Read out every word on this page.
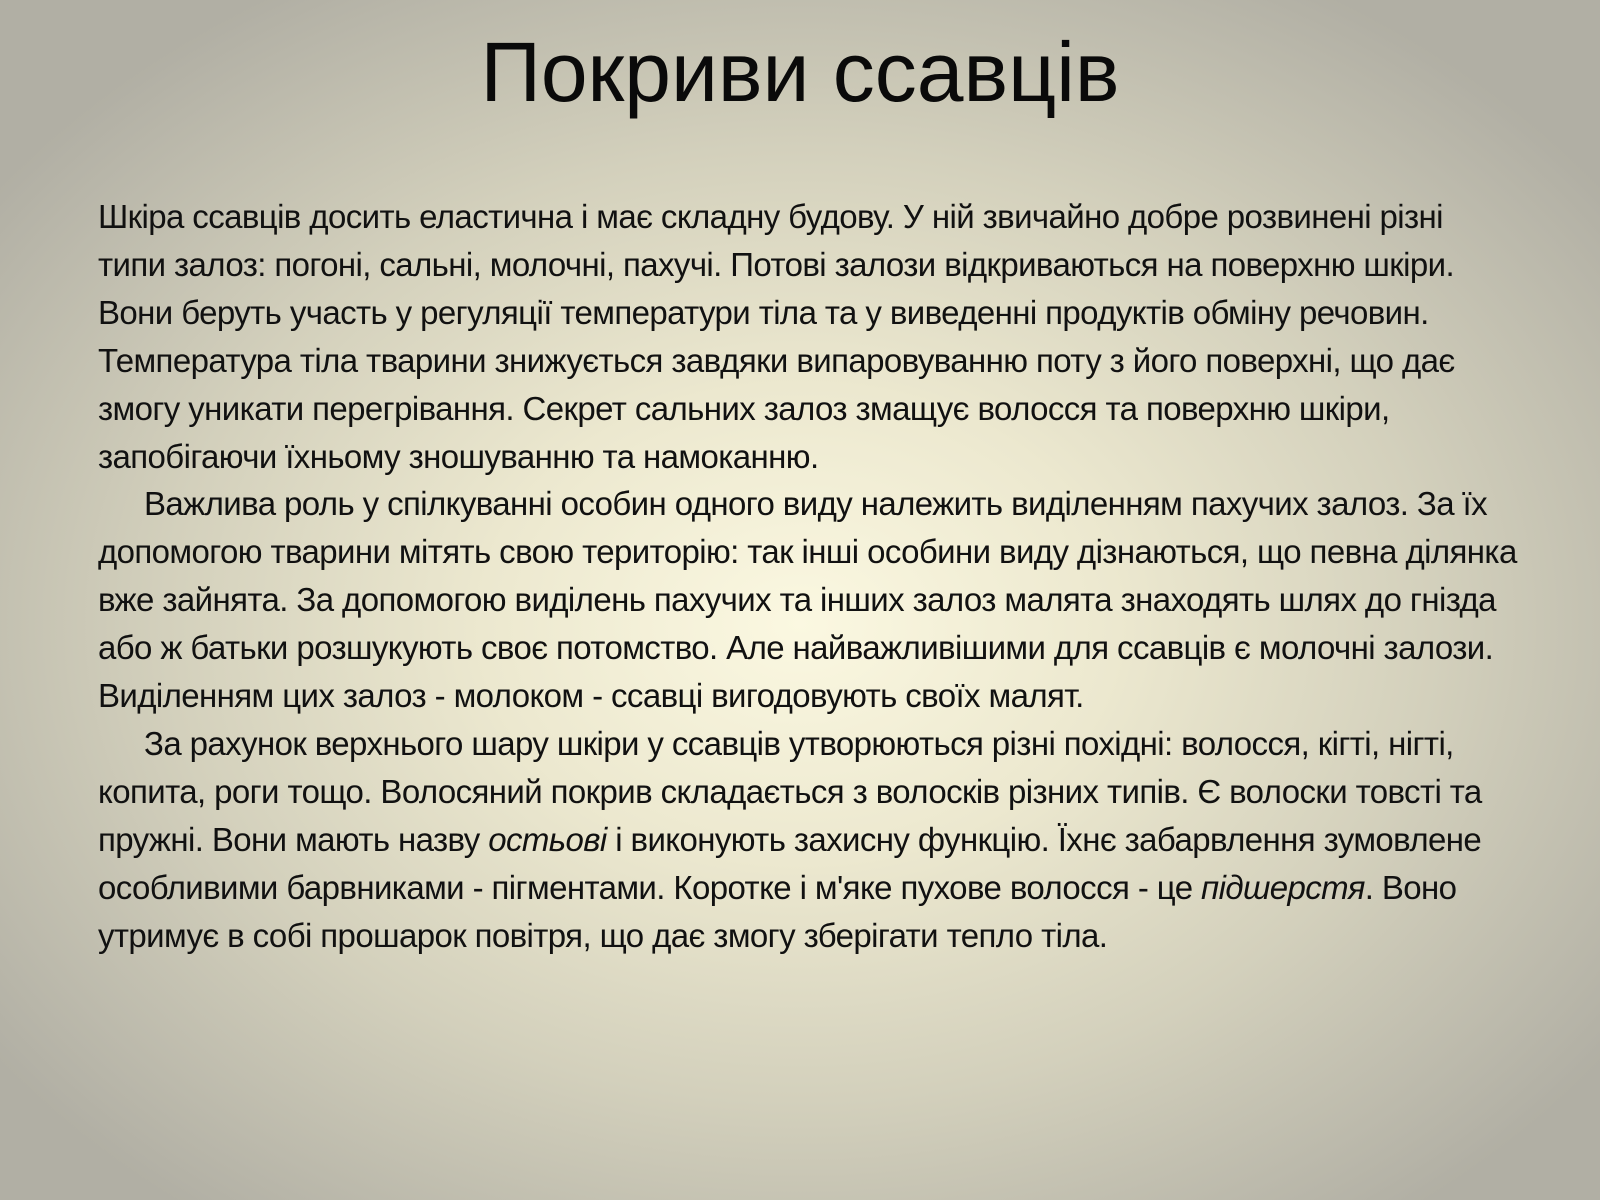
Покриви ссавців

Шкіра ссавців досить еластична і має складну будову. У ній звичайно добре розвинені різні типи залоз: погоні, сальні, молочні, пахучі. Потові залози відкриваються на поверхню шкіри. Вони беруть участь у регуляції температури тіла та у виведенні продуктів обміну речовин. Температура тіла тварини знижується завдяки випаровуванню поту з його поверхні, що дає змогу уникати перегрівання. Секрет сальних залоз змащує волосся та поверхню шкіри, запобігаючи їхньому зношуванню та намоканню.

Важлива роль у спілкуванні особин одного виду належить виділенням пахучих залоз. За їх допомогою тварини мітять свою територію: так інші особини виду дізнаються, що певна ділянка вже зайнята. За допомогою виділень пахучих та інших залоз малята знаходять шлях до гнізда або ж батьки розшукують своє потомство. Але найважливішими для ссавців є молочні залози. Виділенням цих залоз - молоком - ссавці вигодовують своїх малят.

За рахунок верхнього шару шкіри у ссавців утворюються різні похідні: волосся, кігті, нігті, копита, роги тощо. Волосяний покрив складається з волосків різних типів. Є волоски товсті та пружні. Вони мають назву остьові і виконують захисну функцію. Їхнє забарвлення зумовлене особливими барвниками - пігментами. Коротке і м'яке пухове волосся - це підшерстя. Воно утримує в собі прошарок повітря, що дає змогу зберігати тепло тіла.
